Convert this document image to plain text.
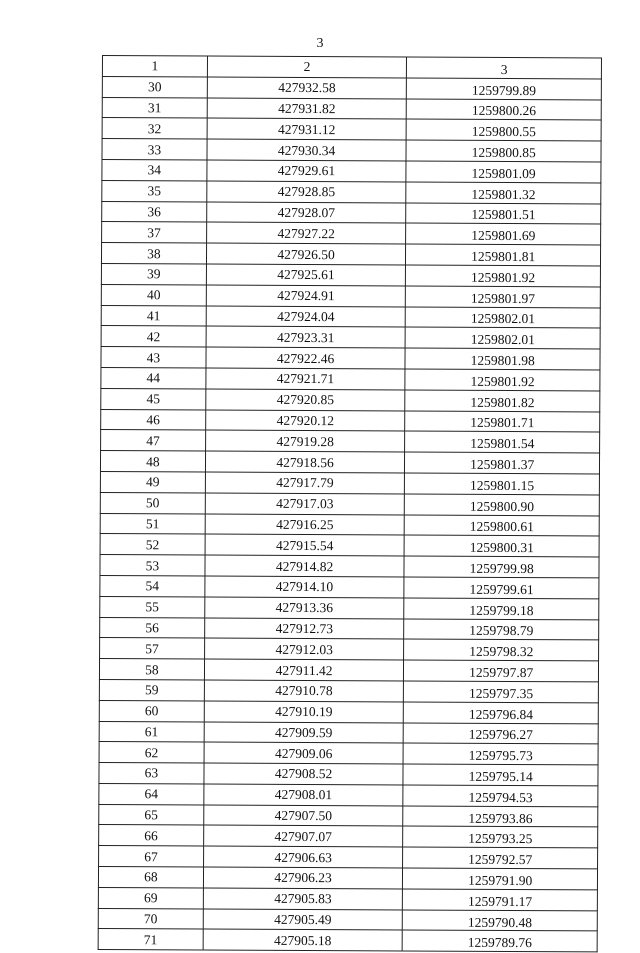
3
1	2	3
30	427932.58	1259799.89
31	427931.82	1259800.26
32	427931.12	1259800.55
33	427930.34	1259800.85
34	427929.61	1259801.09
35	427928.85	1259801.32
36	427928.07	1259801.51
37	427927.22	1259801.69
38	427926.50	1259801.81
39	427925.61	1259801.92
40	427924.91	1259801.97
41	427924.04	1259802.01
42	427923.31	1259802.01
43	427922.46	1259801.98
44	427921.71	1259801.92
45	427920.85	1259801.82
46	427920.12	1259801.71
47	427919.28	1259801.54
48	427918.56	1259801.37
49	427917.79	1259801.15
50	427917.03	1259800.90
51	427916.25	1259800.61
52	427915.54	1259800.31
53	427914.82	1259799.98
54	427914.10	1259799.61
55	427913.36	1259799.18
56	427912.73	1259798.79
57	427912.03	1259798.32
58	427911.42	1259797.87
59	427910.78	1259797.35
60	427910.19	1259796.84
61	427909.59	1259796.27
62	427909.06	1259795.73
63	427908.52	1259795.14
64	427908.01	1259794.53
65	427907.50	1259793.86
66	427907.07	1259793.25
67	427906.63	1259792.57
68	427906.23	1259791.90
69	427905.83	1259791.17
70	427905.49	1259790.48
71	427905.18	1259789.76
